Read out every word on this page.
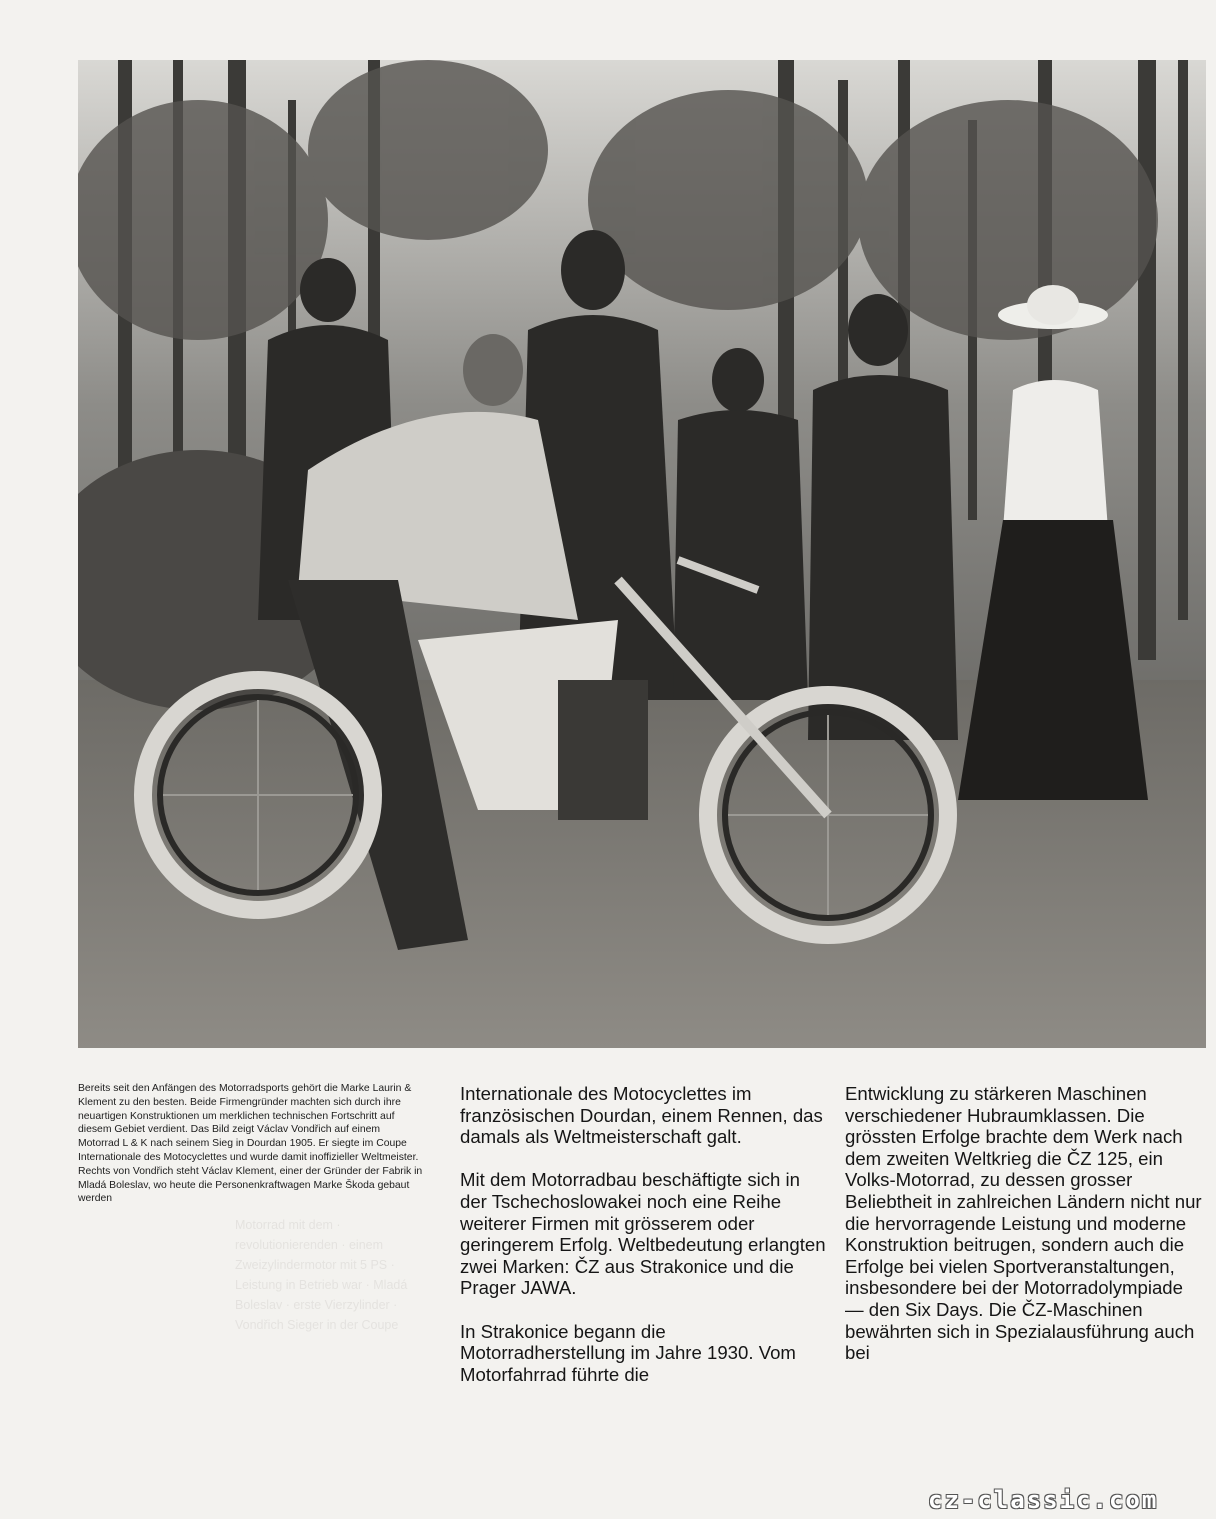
Bereits seit den Anfängen des Motorradsports gehört die Marke Laurin & Klement zu den besten. Beide Firmengründer machten sich durch ihre neuartigen Konstruktionen um merklichen technischen Fortschritt auf diesem Gebiet verdient. Das Bild zeigt Václav Vondřich auf einem Motorrad L & K nach seinem Sieg in Dourdan 1905. Er siegte im Coupe Internationale des Motocyclettes und wurde damit inoffizieller Weltmeister. Rechts von Vondřich steht Václav Klement, einer der Gründer der Fabrik in Mladá Boleslav, wo heute die Personenkraftwagen Marke Škoda gebaut werden
Motorrad mit dem · revolutionierenden · einem Zweizylindermotor mit 5 PS · Leistung in Betrieb war · Mladá Boleslav · erste Vierzylinder · Vondřich Sieger in der Coupe

Internationale des Motocyclettes im französischen Dourdan, einem Rennen, das damals als Weltmeisterschaft galt.

Mit dem Motorradbau beschäftigte sich in der Tschechoslowakei noch eine Reihe weiterer Firmen mit grösserem oder geringerem Erfolg. Weltbedeutung erlangten zwei Marken: ČZ aus Strakonice und die Prager JAWA.

In Strakonice begann die Motorradherstellung im Jahre 1930. Vom Motorfahrrad führte die

Entwicklung zu stärkeren Maschinen verschiedener Hubraumklassen. Die grössten Erfolge brachte dem Werk nach dem zweiten Weltkrieg die ČZ 125, ein Volks-Motorrad, zu dessen grosser Beliebtheit in zahlreichen Ländern nicht nur die hervorragende Leistung und moderne Konstruktion beitrugen, sondern auch die Erfolge bei vielen Sportveranstaltungen, insbesondere bei der Motorradolympiade — den Six Days. Die ČZ-Maschinen bewährten sich in Spezialausführung auch bei

cz-classic.com
